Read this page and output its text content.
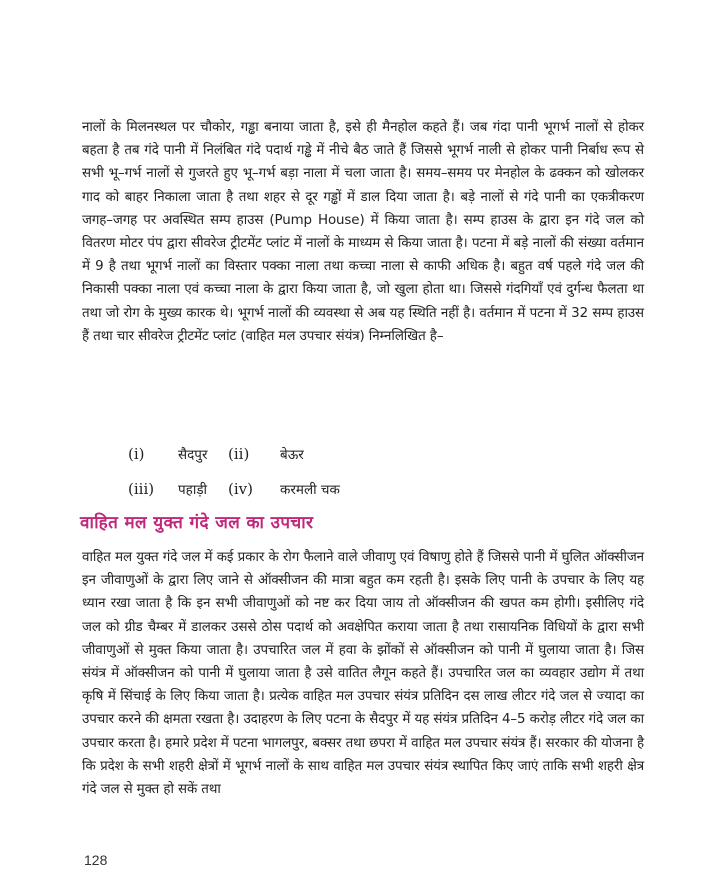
नालों के मिलनस्थल पर चौकोर, गड्ढा बनाया जाता है, इसे ही मैनहोल कहते हैं। जब गंदा पानी भूगर्भ नालों से होकर बहता है तब गंदे पानी में निलंबित गंदे पदार्थ गड्ढे में नीचे बैठ जाते हैं जिससे भूगर्भ नाली से होकर पानी निर्बाध रूप से सभी भू–गर्भ नालों से गुजरते हुए भू–गर्भ बड़ा नाला में चला जाता है। समय–समय पर मेनहोल के ढक्कन को खोलकर गाद को बाहर निकाला जाता है तथा शहर से दूर गड्ढों में डाल दिया जाता है। बड़े नालों से गंदे पानी का एकत्रीकरण जगह–जगह पर अवस्थित सम्प हाउस (Pump House) में किया जाता है। सम्प हाउस के द्वारा इन गंदे जल को वितरण मोटर पंप द्वारा सीवरेज ट्रीटमेंट प्लांट में नालों के माध्यम से किया जाता है। पटना में बड़े नालों की संख्या वर्तमान में 9 है तथा भूगर्भ नालों का विस्तार पक्का नाला तथा कच्चा नाला से काफी अधिक है। बहुत वर्ष पहले गंदे जल की निकासी पक्का नाला एवं कच्चा नाला के द्वारा किया जाता है, जो खुला होता था। जिससे गंदगियाँ एवं दुर्गन्ध फैलता था तथा जो रोग के मुख्य कारक थे। भूगर्भ नालों की व्यवस्था से अब यह स्थिति नहीं है। वर्तमान में पटना में 32 सम्प हाउस हैं तथा चार सीवरेज ट्रीटमेंट प्लांट (वाहित मल उपचार संयंत्र) निम्नलिखित है–

(i) सैदपुर (ii) बेऊर
(iii) पहाड़ी (iv) करमली चक
वाहित मल युक्त गंदे जल का उपचार

वाहित मल युक्त गंदे जल में कई प्रकार के रोग फैलाने वाले जीवाणु एवं विषाणु होते हैं जिससे पानी में घुलित ऑक्सीजन इन जीवाणुओं के द्वारा लिए जाने से ऑक्सीजन की मात्रा बहुत कम रहती है। इसके लिए पानी के उपचार के लिए यह ध्यान रखा जाता है कि इन सभी जीवाणुओं को नष्ट कर दिया जाय तो ऑक्सीजन की खपत कम होगी। इसीलिए गंदे जल को ग्रीड चैम्बर में डालकर उससे ठोस पदार्थ को अवक्षेपित कराया जाता है तथा रासायनिक विधियों के द्वारा सभी जीवाणुओं से मुक्त किया जाता है। उपचारित जल में हवा के झोंकों से ऑक्सीजन को पानी में घुलाया जाता है। जिस संयंत्र में ऑक्सीजन को पानी में घुलाया जाता है उसे वातित लैगून कहते हैं। उपचारित जल का व्यवहार उद्योग में तथा कृषि में सिंचाई के लिए किया जाता है। प्रत्येक वाहित मल उपचार संयंत्र प्रतिदिन दस लाख लीटर गंदे जल से ज्यादा का उपचार करने की क्षमता रखता है। उदाहरण के लिए पटना के सैदपुर में यह संयंत्र प्रतिदिन 4–5 करोड़ लीटर गंदे जल का उपचार करता है। हमारे प्रदेश में पटना भागलपुर, बक्सर तथा छपरा में वाहित मल उपचार संयंत्र हैं। सरकार की योजना है कि प्रदेश के सभी शहरी क्षेत्रों में भूगर्भ नालों के साथ वाहित मल उपचार संयंत्र स्थापित किए जाएं ताकि सभी शहरी क्षेत्र गंदे जल से मुक्त हो सकें तथा

128
